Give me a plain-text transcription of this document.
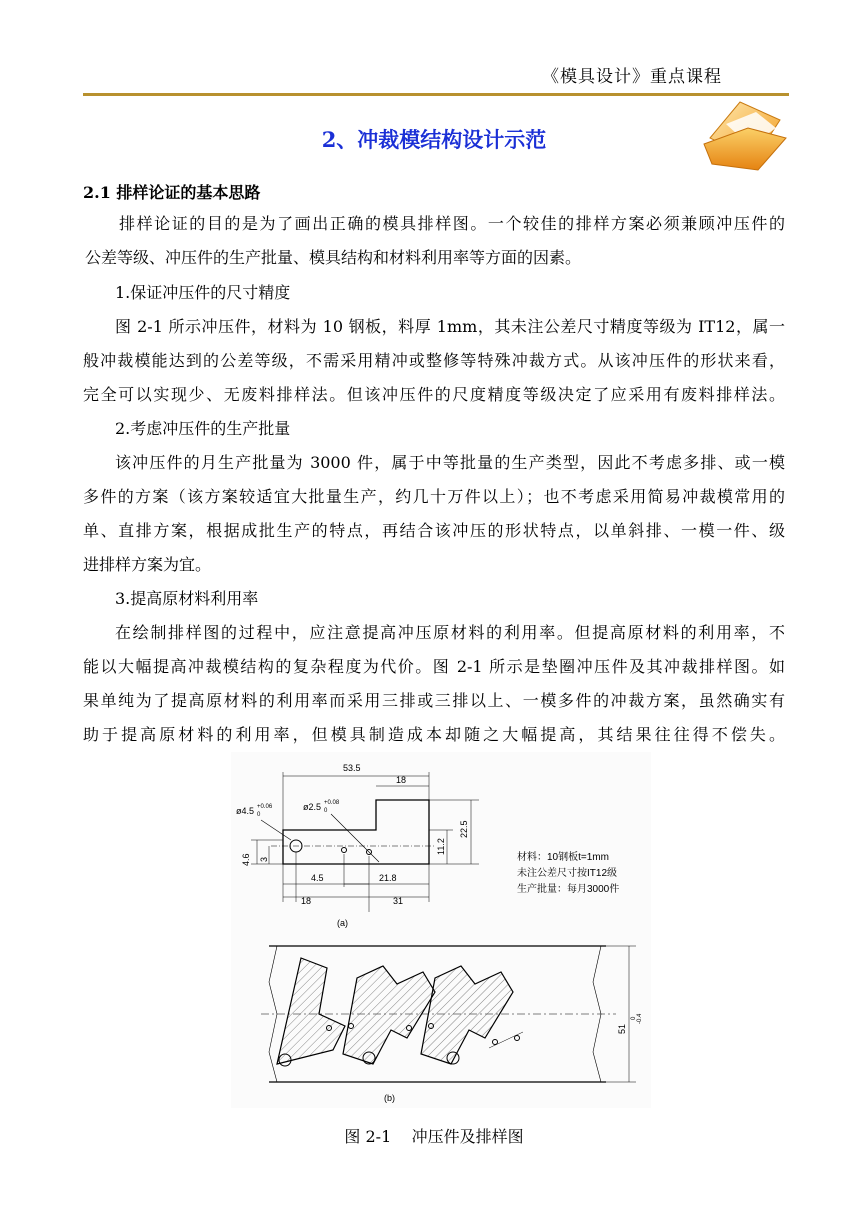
《模具设计》重点课程
2、冲裁模结构设计示范
2.1 排样论证的基本思路
排样论证的目的是为了画出正确的模具排样图。一个较佳的排样方案必须兼顾冲压件的
公差等级、冲压件的生产批量、模具结构和材料利用率等方面的因素。
1.保证冲压件的尺寸精度
图 2-1 所示冲压件，材料为 10 钢板，料厚 1mm，其未注公差尺寸精度等级为 IT12，属一
般冲裁模能达到的公差等级，不需采用精冲或整修等特殊冲裁方式。从该冲压件的形状来看，
完全可以实现少、无废料排样法。但该冲压件的尺度精度等级决定了应采用有废料排样法。
2.考虑冲压件的生产批量
该冲压件的月生产批量为 3000 件，属于中等批量的生产类型，因此不考虑多排、或一模
多件的方案（该方案较适宜大批量生产，约几十万件以上）；也不考虑采用简易冲裁模常用的
单、直排方案，根据成批生产的特点，再结合该冲压的形状特点，以单斜排、一模一件、级
进排样方案为宜。
3.提高原材料利用率
在绘制排样图的过程中，应注意提高冲压原材料的利用率。但提高原材料的利用率，不
能以大幅提高冲裁模结构的复杂程度为代价。图 2-1 所示是垫圈冲压件及其冲裁排样图。如
果单纯为了提高原材料的利用率而采用三排或三排以上、一模多件的冲裁方案，虽然确实有
助于提高原材料的利用率，但模具制造成本却随之大幅提高，其结果往往得不偿失。
53.5
18
22.5
11.2
ø4.5 +0.06
0
ø2.5 +0.08
0
4.6 3
4.5
18
21.8
31
(a)
材料：10钢板t=1mm
未注公差尺寸按IT12级
生产批量：每月3000件
51
0 -0.4
(b)
图 2-1    冲压件及排样图
